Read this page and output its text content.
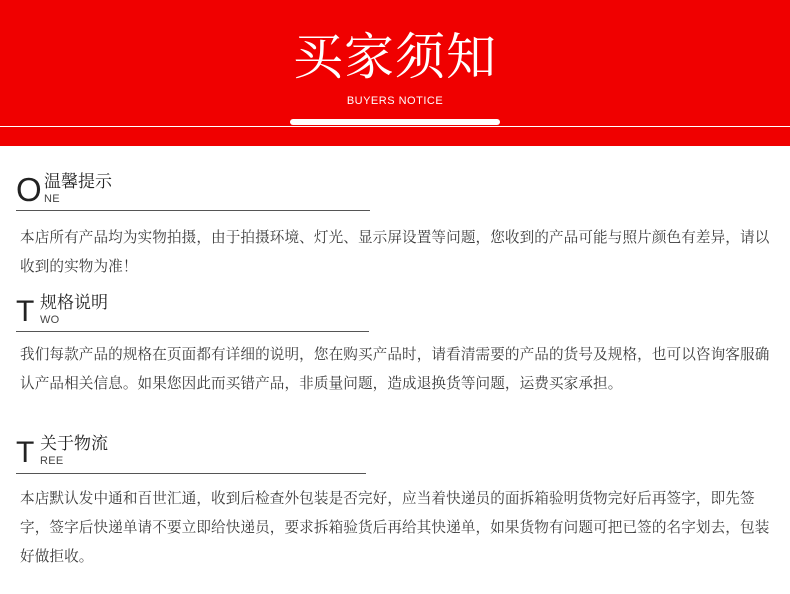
买家须知
BUYERS NOTICE
O 温馨提示
NE
本店所有产品均为实物拍摄，由于拍摄环境、灯光、显示屏设置等问题，您收到的产品可能与照片颜色有差异，请以收到的实物为准！
T 规格说明
WO
我们每款产品的规格在页面都有详细的说明，您在购买产品时，请看清需要的产品的货号及规格，也可以咨询客服确认产品相关信息。如果您因此而买错产品，非质量问题，造成退换货等问题，运费买家承担。
T 关于物流
REE
本店默认发中通和百世汇通，收到后检查外包装是否完好，应当着快递员的面拆箱验明货物完好后再签字，即先签字，签字后快递单请不要立即给快递员，要求拆箱验货后再给其快递单，如果货物有问题可把已签的名字划去，包装好做拒收。
